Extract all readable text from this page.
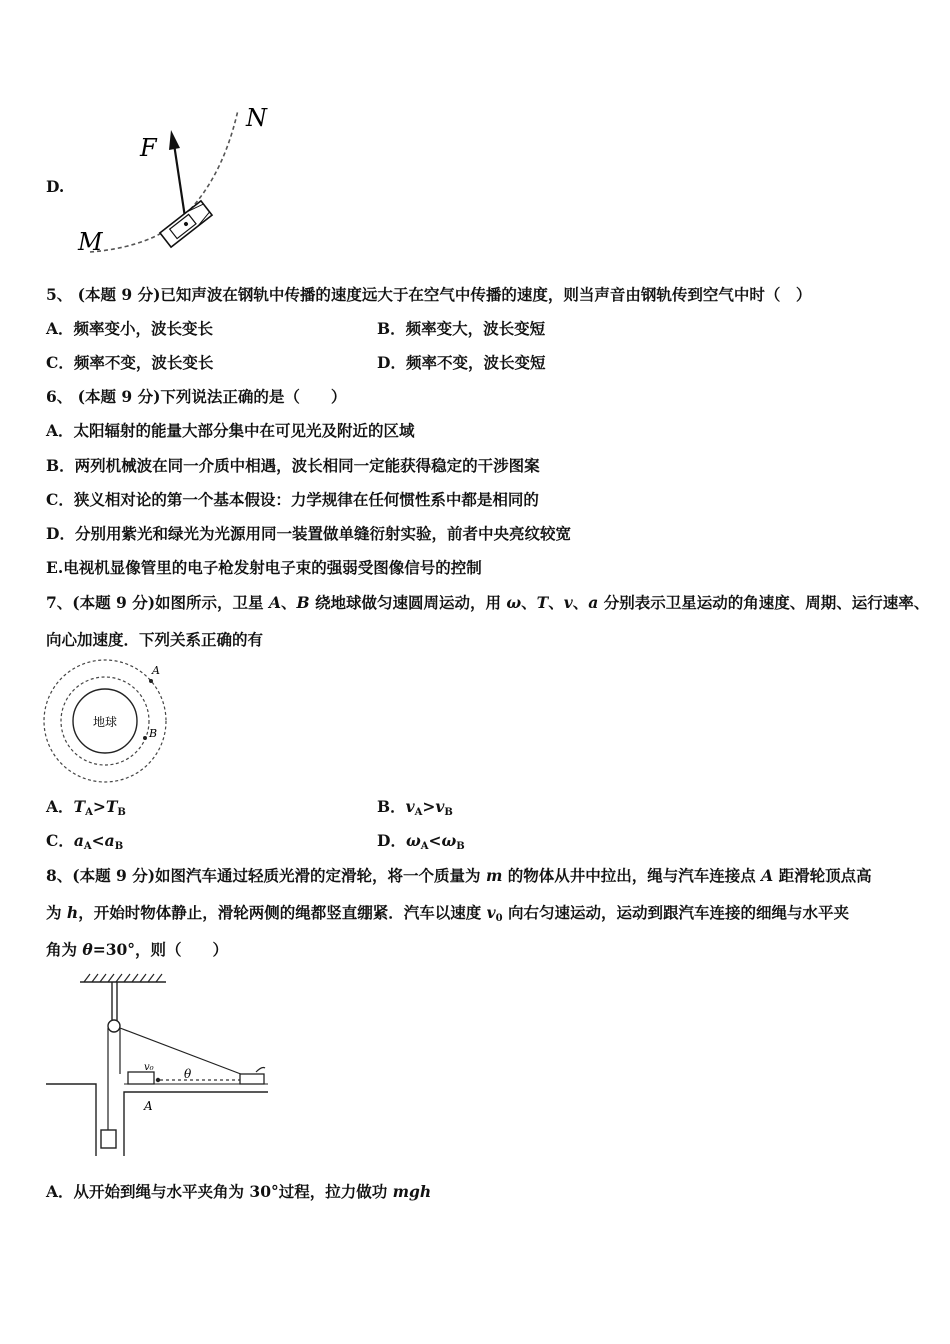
D.
F
N
M
5、 (本题 9 分)已知声波在钢轨中传播的速度远大于在空气中传播的速度，则当声音由钢轨传到空气中时（　）
A．频率变小，波长变长	B．频率变大，波长变短
C．频率不变，波长变长	D．频率不变，波长变短
6、 (本题 9 分)下列说法正确的是（　　）
A．太阳辐射的能量大部分集中在可见光及附近的区域
B．两列机械波在同一介质中相遇，波长相同一定能获得稳定的干涉图案
C．狭义相对论的第一个基本假设：力学规律在任何惯性系中都是相同的
D．分别用紫光和绿光为光源用同一装置做单缝衍射实验，前者中央亮纹较宽
E.电视机显像管里的电子枪发射电子束的强弱受图像信号的控制
7、(本题 9 分)如图所示，卫星 A、B 绕地球做匀速圆周运动，用 ω、T、v、a 分别表示卫星运动的角速度、周期、运行速率、
向心加速度．下列关系正确的有
地球
A
B
A．$T_A>T_B$	B．$v_A>v_B$
C．$a_A<a_B$	D．$\omega_A<\omega_B$
8、(本题 9 分)如图汽车通过轻质光滑的定滑轮，将一个质量为 m 的物体从井中拉出，绳与汽车连接点 A 距滑轮顶点高
为 h，开始时物体静止，滑轮两侧的绳都竖直绷紧．汽车以速度 $v_0$ 向右匀速运动，运动到跟汽车连接的细绳与水平夹
角为 θ=30°，则（　　）
v₀	θ
A
A．从开始到绳与水平夹角为 30°过程，拉力做功 mgh
